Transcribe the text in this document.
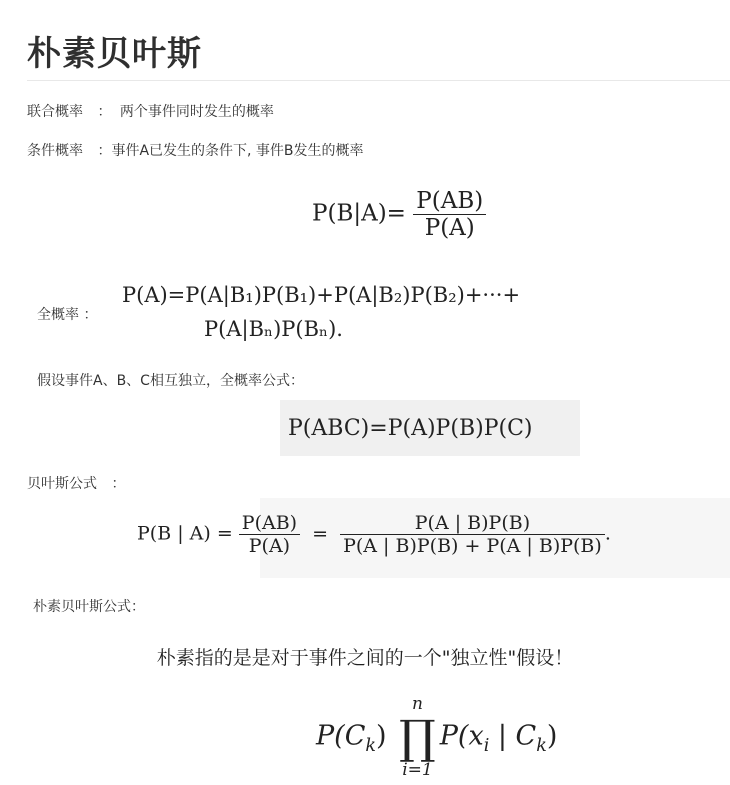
朴素贝叶斯
联合概率 ： 两个事件同时发生的概率
条件概率 ：事件A已发生的条件下, 事件B发生的概率
$P(B|A)= \frac{P(AB)}{P(A)}$
全概率 ：
P(A)=P(A|B₁)P(B₁)+P(A|B₂)P(B₂)+···+
P(A|Bₙ)P(Bₙ).
假设事件A、B、C相互独立，全概率公式：
P(ABC)=P(A)P(B)P(C)
贝叶斯公式 ：
P(B | $A) = \frac{P(AB)}{P(A)} = \frac{P(A | B)P(B)}{P(A | B)P(B) + P(A | \overline{B})P(\overline{B})}$ .
朴素贝叶斯公式：
朴素指的是是对于事件之间的一个"独立性"假设！
$P(C_k)$
n
∏
i=1
$P(x_i$ | $C_k$)
